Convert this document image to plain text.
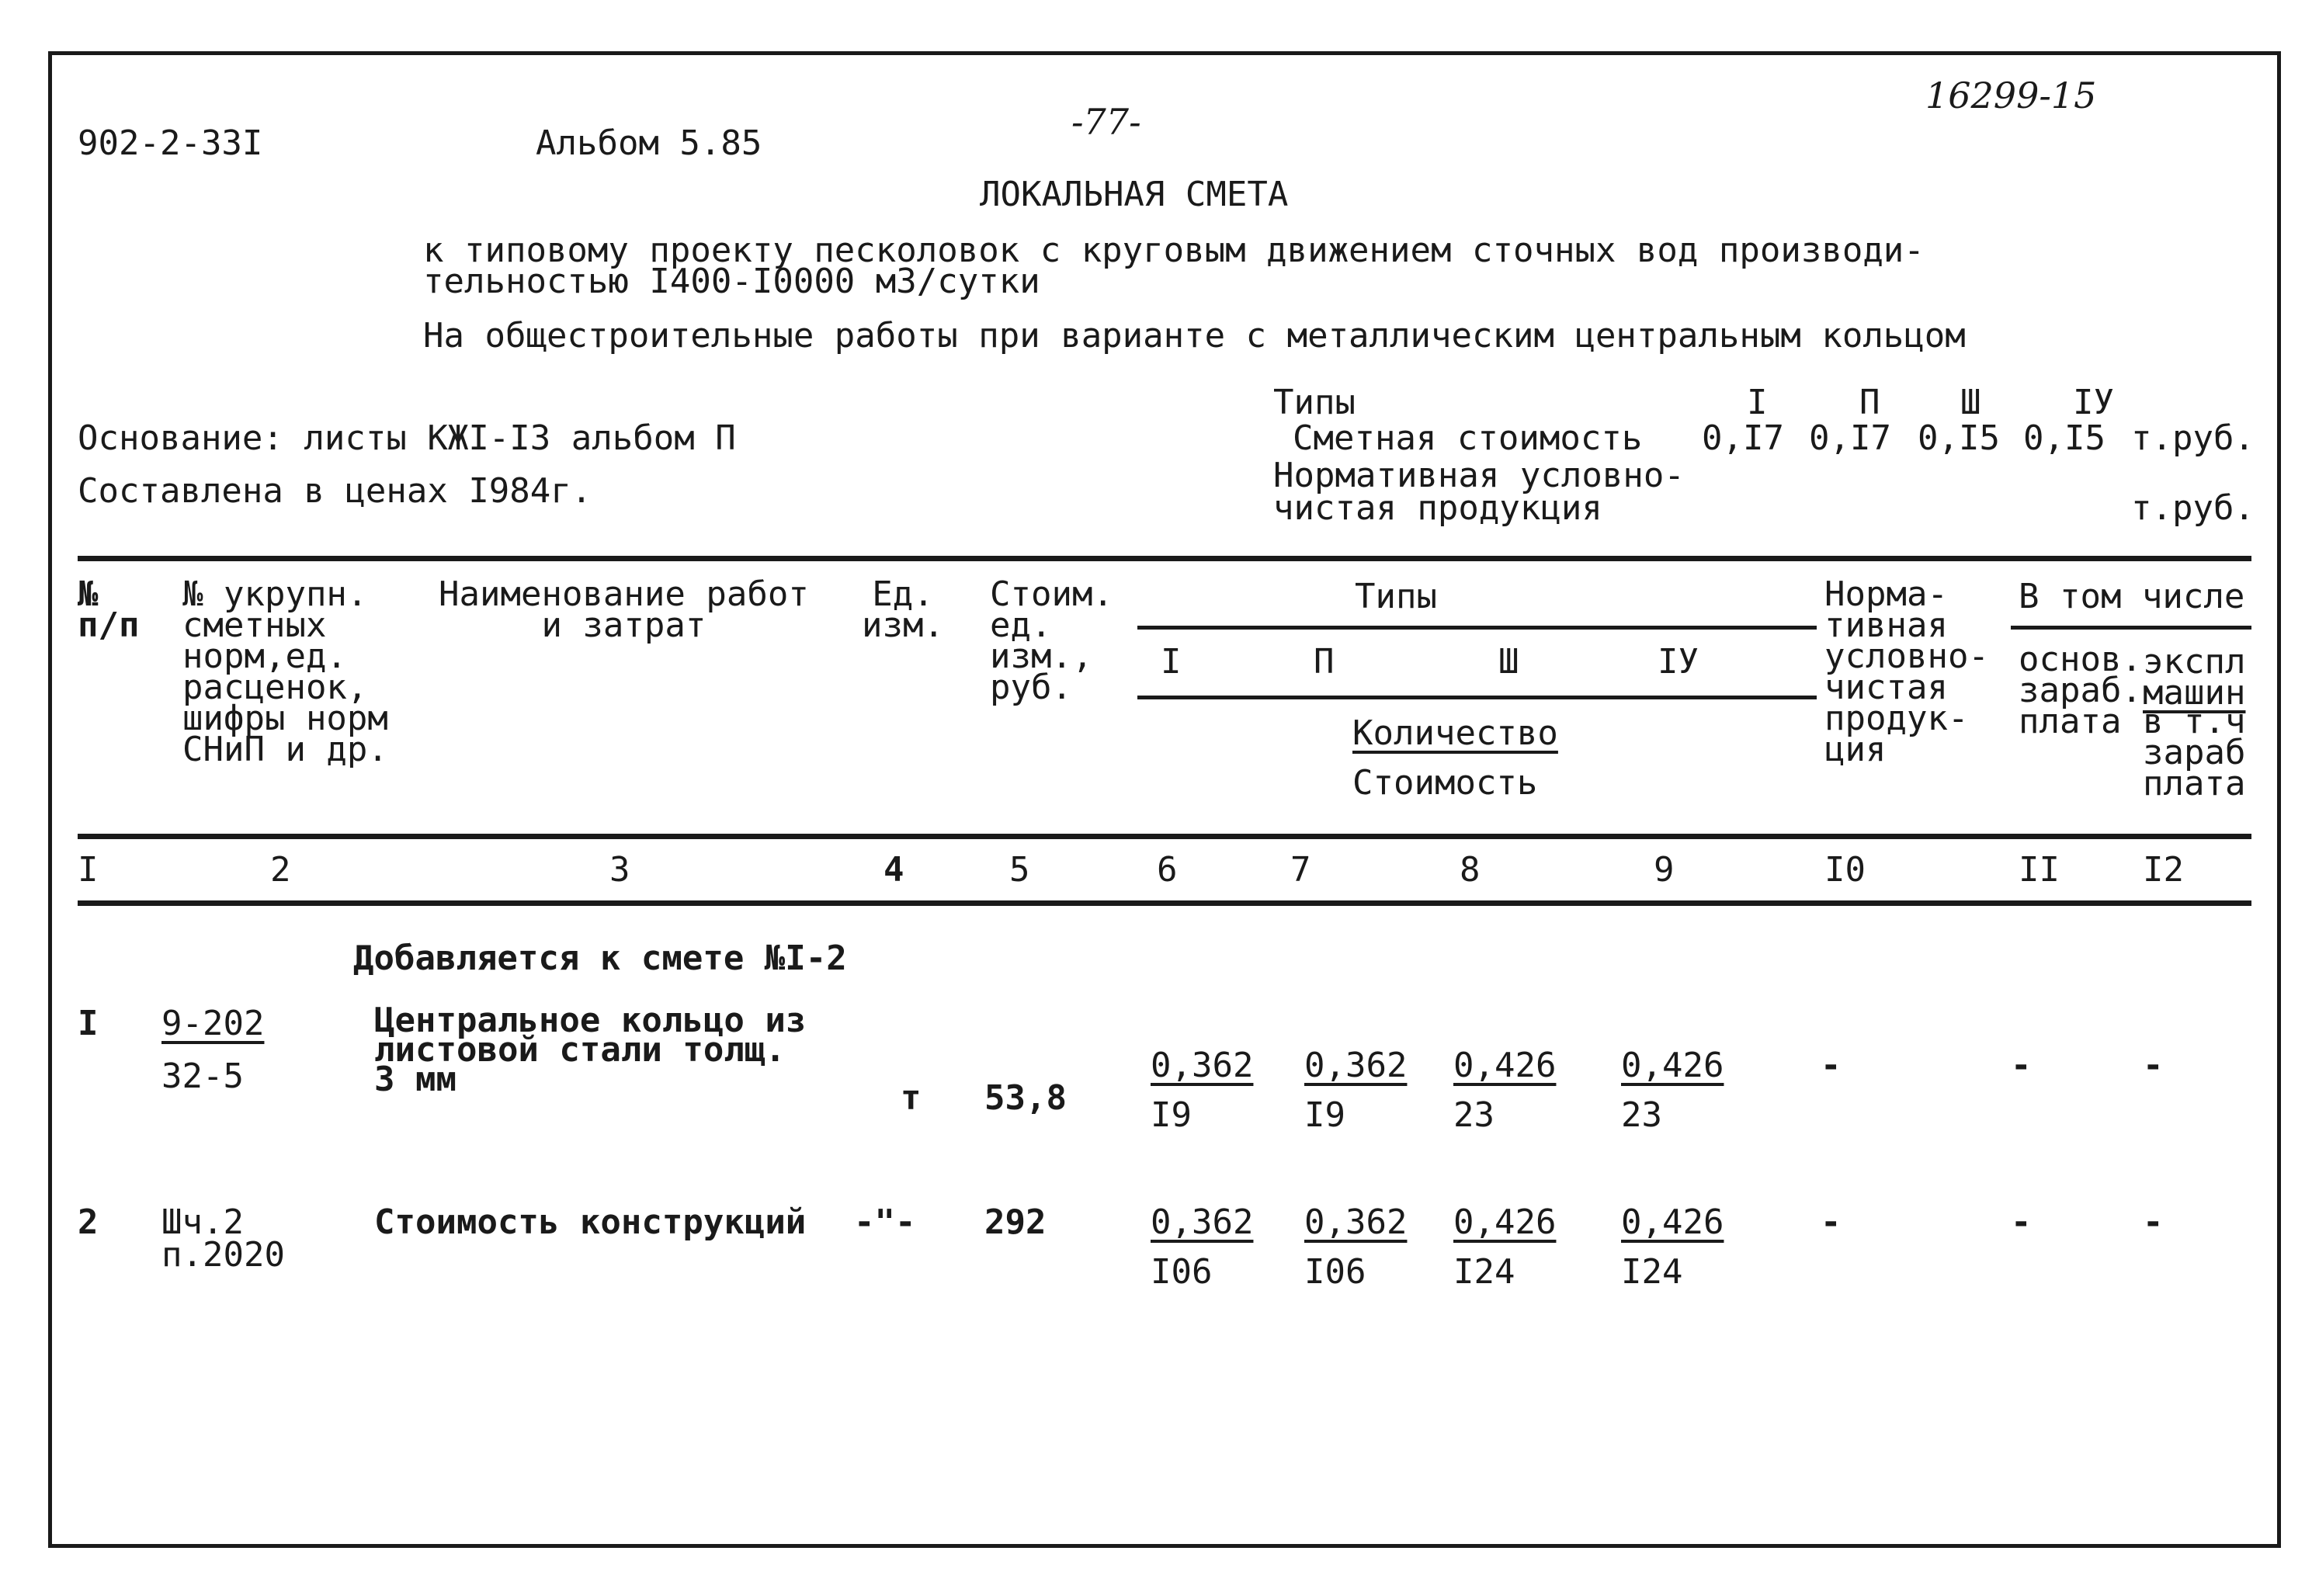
902-2-33I	Альбом 5.85
-77-
16299-15
ЛОКАЛЬНАЯ СМЕТА
к типовому проекту песколовок с круговым движением сточных вод производи-
тельностью I400-I0000 м3/сутки
На общестроительные работы при варианте с металлическим центральным кольцом
Основание: листы КЖI-I3 альбом П
Составлена в ценах I984г.
Типы	I	П Ш	IУ
Сметная стоимость 0,I7 0,I7 0,I5 0,I5 т.руб.
Нормативная условно-
чистая продукция	т.руб.
№
п/п
№ укрупн.
сметных
норм,ед.
расценок,
шифры норм
СНиП и др.
Наименование работ
и затрат
Ед.
изм.
Стоим.
ед.
изм.,
руб.
Типы
I	П	Ш	IУ
Количество
Стоимость
Норма-
тивная
условно-
чистая
продук-
ция
В том числе
основ.
зараб.
плата
экспл
машин
в т.ч
зараб
плата
I	2	3	4	5	6	7	8	9	I0	II I2
Добавляется к смете №I-2
I 9-202
32-5
Центральное кольцо из
листовой стали толщ.
3 мм	т 53,8
0,362 0,362 0,426 0,426
I9	I9	23	23
-	-	-
2 Шч.2
п.2020
Стоимость конструкций -"- 292	0,362 0,362 0,426 0,426
I06	I06	I24	I24
-	-	-
